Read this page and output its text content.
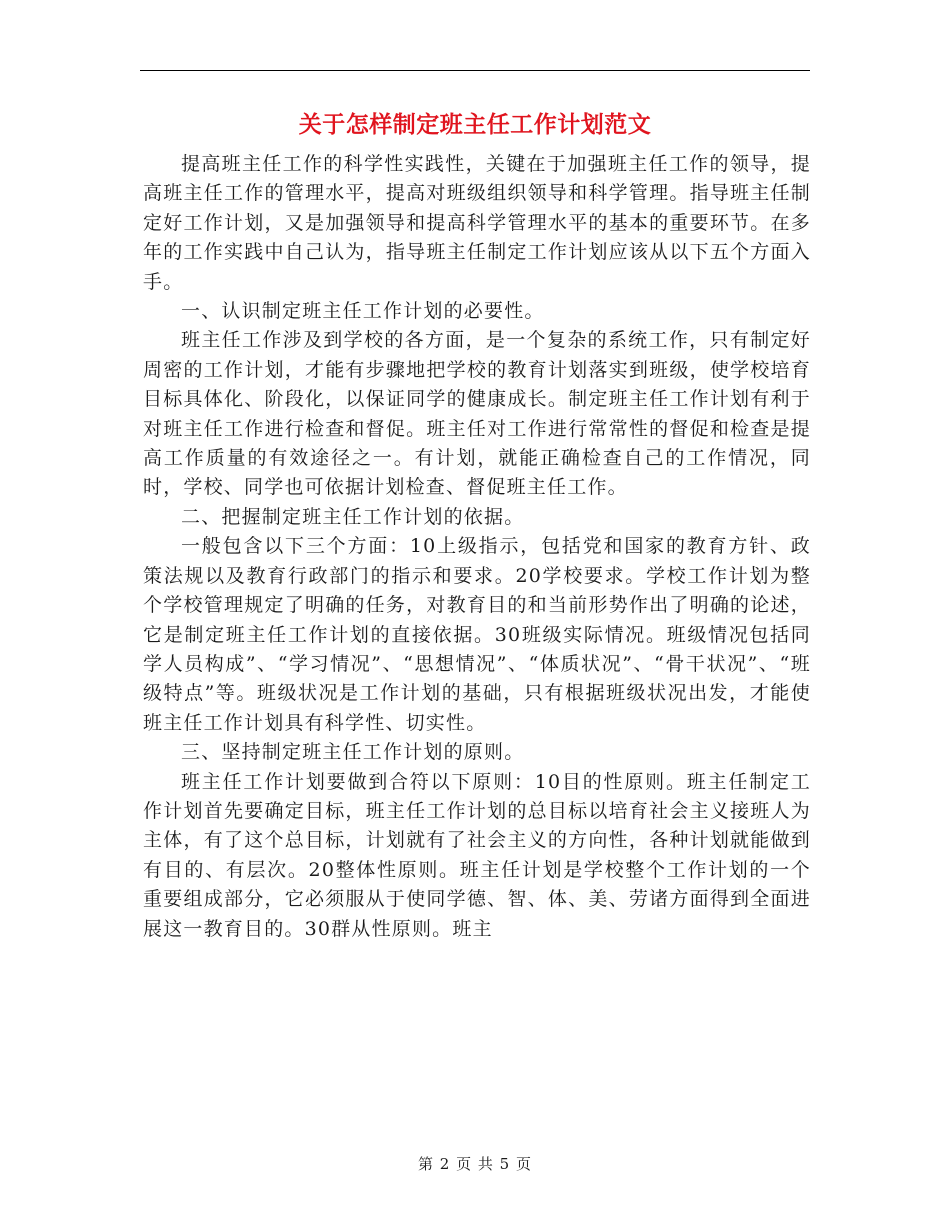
关于怎样制定班主任工作计划范文

提高班主任工作的科学性实践性，关键在于加强班主任工作的领导，提高班主任工作的管理水平，提高对班级组织领导和科学管理。指导班主任制定好工作计划，又是加强领导和提高科学管理水平的基本的重要环节。在多年的工作实践中自己认为，指导班主任制定工作计划应该从以下五个方面入手。

一、认识制定班主任工作计划的必要性。

班主任工作涉及到学校的各方面，是一个复杂的系统工作，只有制定好周密的工作计划，才能有步骤地把学校的教育计划落实到班级，使学校培育目标具体化、阶段化，以保证同学的健康成长。制定班主任工作计划有利于对班主任工作进行检查和督促。班主任对工作进行常常性的督促和检查是提高工作质量的有效途径之一。有计划，就能正确检查自己的工作情况，同时，学校、同学也可依据计划检查、督促班主任工作。

二、把握制定班主任工作计划的依据。

一般包含以下三个方面：10上级指示，包括党和国家的教育方针、政策法规以及教育行政部门的指示和要求。20学校要求。学校工作计划为整个学校管理规定了明确的任务，对教育目的和当前形势作出了明确的论述，它是制定班主任工作计划的直接依据。30班级实际情况。班级情况包括同学人员构成”、“学习情况”、“思想情况”、“体质状况”、“骨干状况”、“班级特点”等。班级状况是工作计划的基础，只有根据班级状况出发，才能使班主任工作计划具有科学性、切实性。

三、坚持制定班主任工作计划的原则。

班主任工作计划要做到合符以下原则：10目的性原则。班主任制定工作计划首先要确定目标，班主任工作计划的总目标以培育社会主义接班人为主体，有了这个总目标，计划就有了社会主义的方向性，各种计划就能做到有目的、有层次。20整体性原则。班主任计划是学校整个工作计划的一个重要组成部分，它必须服从于使同学德、智、体、美、劳诸方面得到全面进展这一教育目的。30群从性原则。班主

第 2 页 共 5 页
